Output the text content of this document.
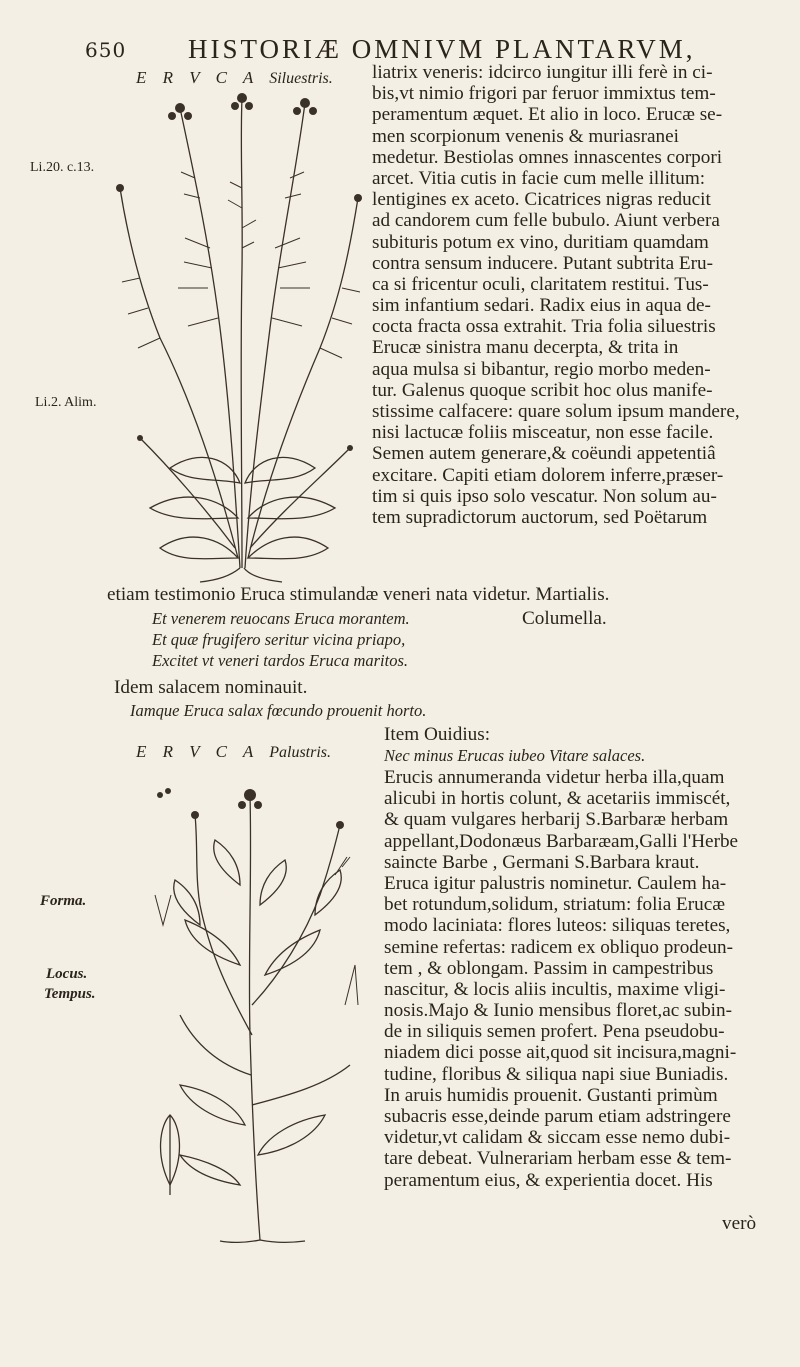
650 HISTORIÆ OMNIVM PLANTARVM,
E R V C A Siluestris.
Li.20. c.13.
Li.2. Alim.
liatrix veneris: idcirco iungitur illi ferè in ci-
bis,vt nimio frigori par feruor immixtus tem-
peramentum æquet. Et alio in loco. Erucæ se-
men scorpionum venenis & muriasranei
medetur. Bestiolas omnes innascentes corpori
arcet. Vitia cutis in facie cum melle illitum:
lentigines ex aceto. Cicatrices nigras reducit
ad candorem cum felle bubulo. Aiunt verbera
subituris potum ex vino, duritiam quamdam
contra sensum inducere. Putant subtrita Eru-
ca si fricentur oculi, claritatem restitui. Tus-
sim infantium sedari. Radix eius in aqua de-
cocta fracta ossa extrahit. Tria folia siluestris
Erucæ sinistra manu decerpta, & trita in
aqua mulsa si bibantur, regio morbo meden-
tur. Galenus quoque scribit hoc olus manife-
stissime calfacere: quare solum ipsum mandere,
nisi lactucæ foliis misceatur, non esse facile.
Semen autem generare,& coëundi appetentiâ
excitare. Capiti etiam dolorem inferre,præser-
tim si quis ipso solo vescatur. Non solum au-
tem supradictorum auctorum, sed Poëtarum
etiam testimonio Eruca stimulandæ veneri nata videtur. Martialis.
Et venerem reuocans Eruca morantem.	Columella.
Et quæ frugifero seritur vicina priapo,
Excitet vt veneri tardos Eruca maritos.
Idem salacem nominauit.
Iamque Eruca salax fœcundo prouenit horto.
E R V C A Palustris.
Forma.
Locus.
Tempus.
Item Ouidius:
Nec minus Erucas iubeo Vitare salaces.
Erucis annumeranda videtur herba illa,quam
alicubi in hortis colunt, & acetariis immiscét,
& quam vulgares herbarij S.Barbaræ herbam
appellant,Dodonæus Barbaræam,Galli l'Herbe
saincte Barbe , Germani S.Barbara kraut.
Eruca igitur palustris nominetur. Caulem ha-
bet rotundum,solidum, striatum: folia Erucæ
modo laciniata: flores luteos: siliquas teretes,
semine refertas: radicem ex obliquo prodeun-
tem , & oblongam. Passim in campestribus
nascitur, & locis aliis incultis, maxime vligi-
nosis.Majo & Iunio mensibus floret,ac subin-
de in siliquis semen profert. Pena pseudobu-
niadem dici posse ait,quod sit incisura,magni-
tudine, floribus & siliqua napi siue Buniadis.
In aruis humidis prouenit. Gustanti primùm
subacris esse,deinde parum etiam adstringere
videtur,vt calidam & siccam esse nemo dubi-
tare debeat. Vulnerariam herbam esse & tem-
peramentum eius, & experientia docet. His
verò
